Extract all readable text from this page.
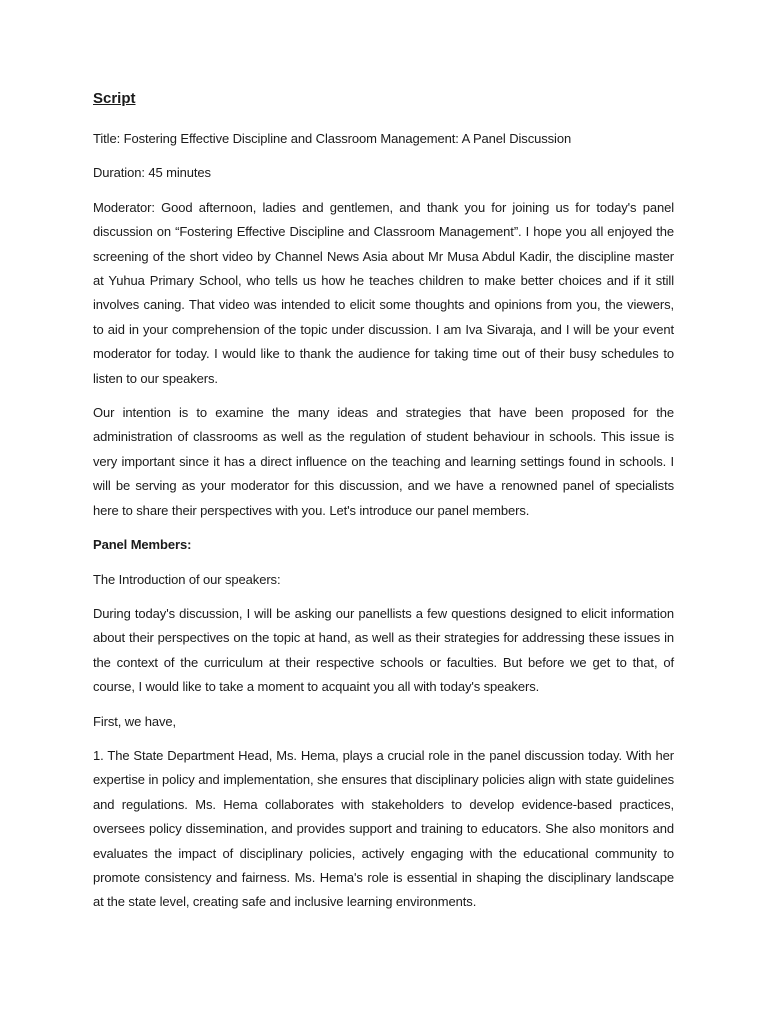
Script

Title: Fostering Effective Discipline and Classroom Management: A Panel Discussion

Duration: 45 minutes

Moderator: Good afternoon, ladies and gentlemen, and thank you for joining us for today's panel discussion on “Fostering Effective Discipline and Classroom Management”. I hope you all enjoyed the screening of the short video by Channel News Asia about Mr Musa Abdul Kadir, the discipline master at Yuhua Primary School, who tells us how he teaches children to make better choices and if it still involves caning. That video was intended to elicit some thoughts and opinions from you, the viewers, to aid in your comprehension of the topic under discussion. I am Iva Sivaraja, and I will be your event moderator for today. I would like to thank the audience for taking time out of their busy schedules to listen to our speakers.

Our intention is to examine the many ideas and strategies that have been proposed for the administration of classrooms as well as the regulation of student behaviour in schools. This issue is very important since it has a direct influence on the teaching and learning settings found in schools. I will be serving as your moderator for this discussion, and we have a renowned panel of specialists here to share their perspectives with you. Let's introduce our panel members.

Panel Members:

The Introduction of our speakers:

During today's discussion, I will be asking our panellists a few questions designed to elicit information about their perspectives on the topic at hand, as well as their strategies for addressing these issues in the context of the curriculum at their respective schools or faculties. But before we get to that, of course, I would like to take a moment to acquaint you all with today's speakers.

First, we have,

1. The State Department Head, Ms. Hema, plays a crucial role in the panel discussion today. With her expertise in policy and implementation, she ensures that disciplinary policies align with state guidelines and regulations. Ms. Hema collaborates with stakeholders to develop evidence-based practices, oversees policy dissemination, and provides support and training to educators. She also monitors and evaluates the impact of disciplinary policies, actively engaging with the educational community to promote consistency and fairness. Ms. Hema's role is essential in shaping the disciplinary landscape at the state level, creating safe and inclusive learning environments.
